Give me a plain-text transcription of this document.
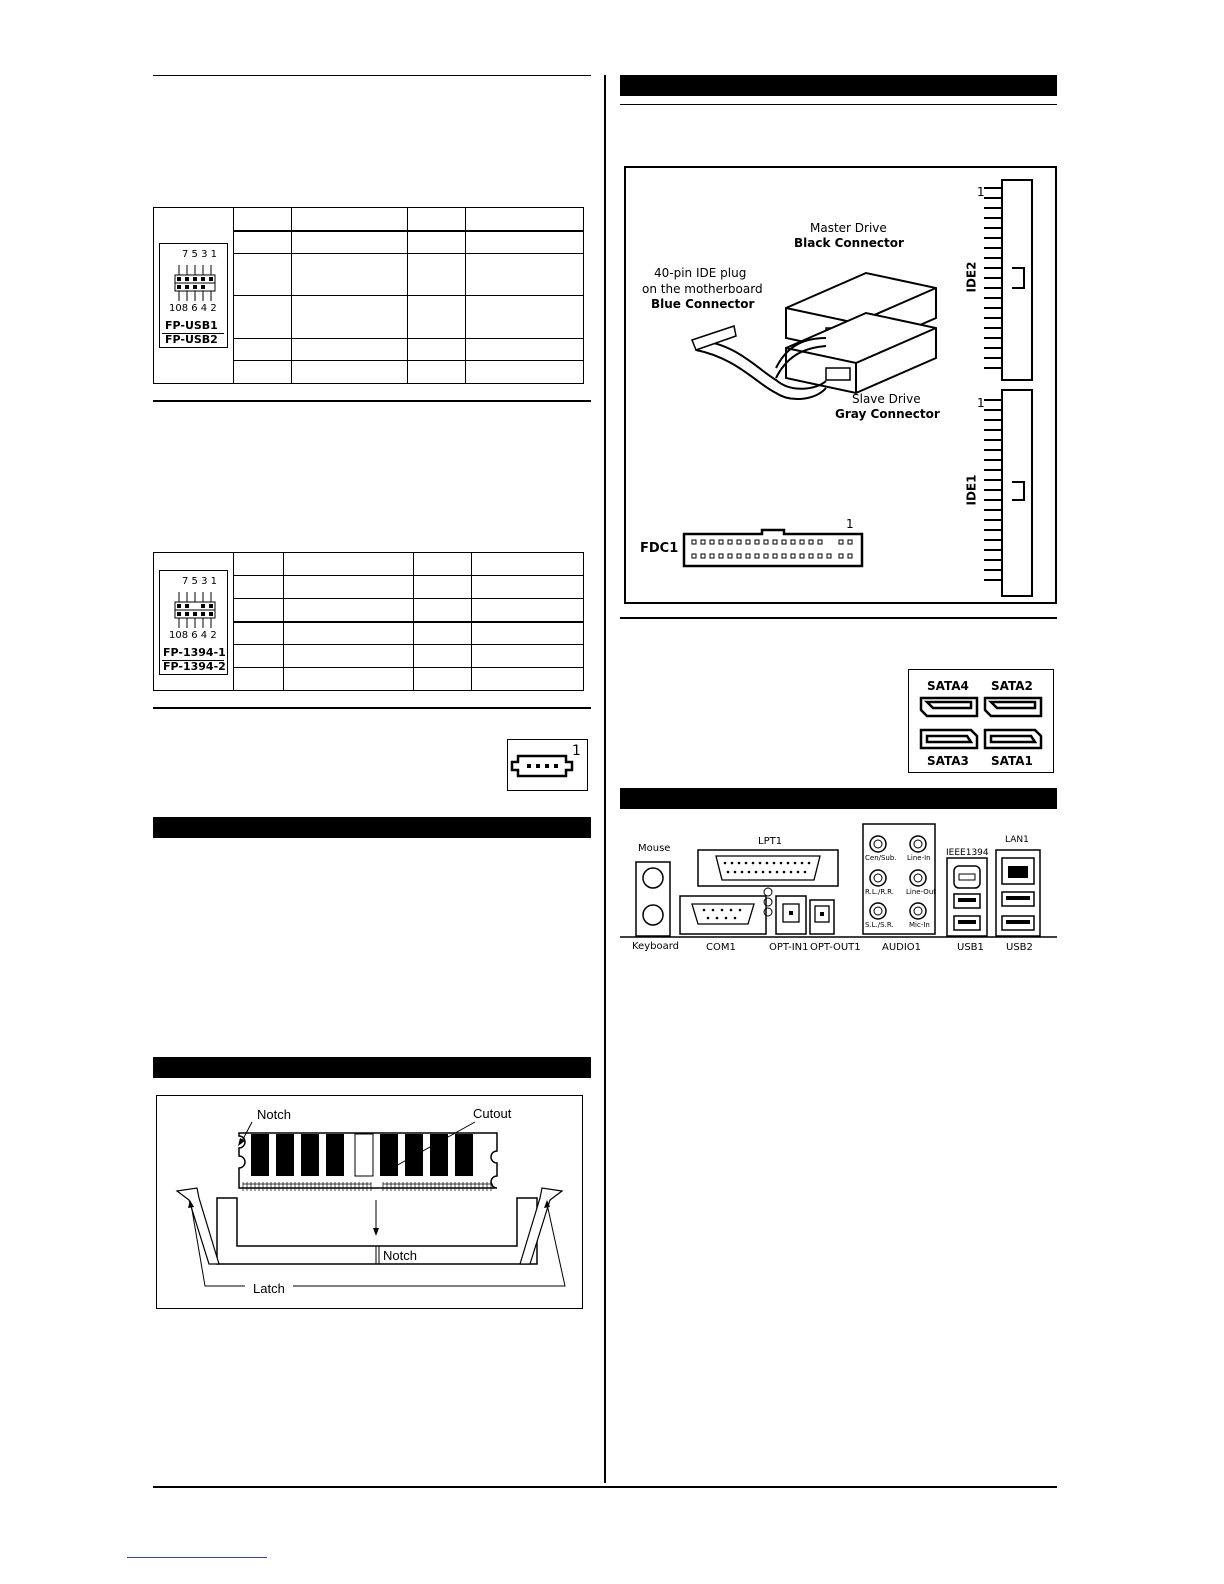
7 5 3 1
108 6 4 2
FP-USB1
FP-USB2
7 5 3 1
108 6 4 2
FP-1394-1
FP-1394-2
1
Notch	Cutout
Notch
Latch
Master Drive
Black Connector
40-pin IDE plug
on the motherboard
Blue Connector
Slave Drive
Gray Connector
1
IDE2
1
IDE1
FDC1
1
SATA4 SATA2
SATA3 SATA1
Mouse
Keyboard
LPT1
COM1	OPT-IN1 OPT-OUT1 AUDIO1
Cen/Sub. Line-In
R.L./R.R. Line-Out
S.L./S.R. Mic-In
IEEE1394
LAN1
USB1 USB2
